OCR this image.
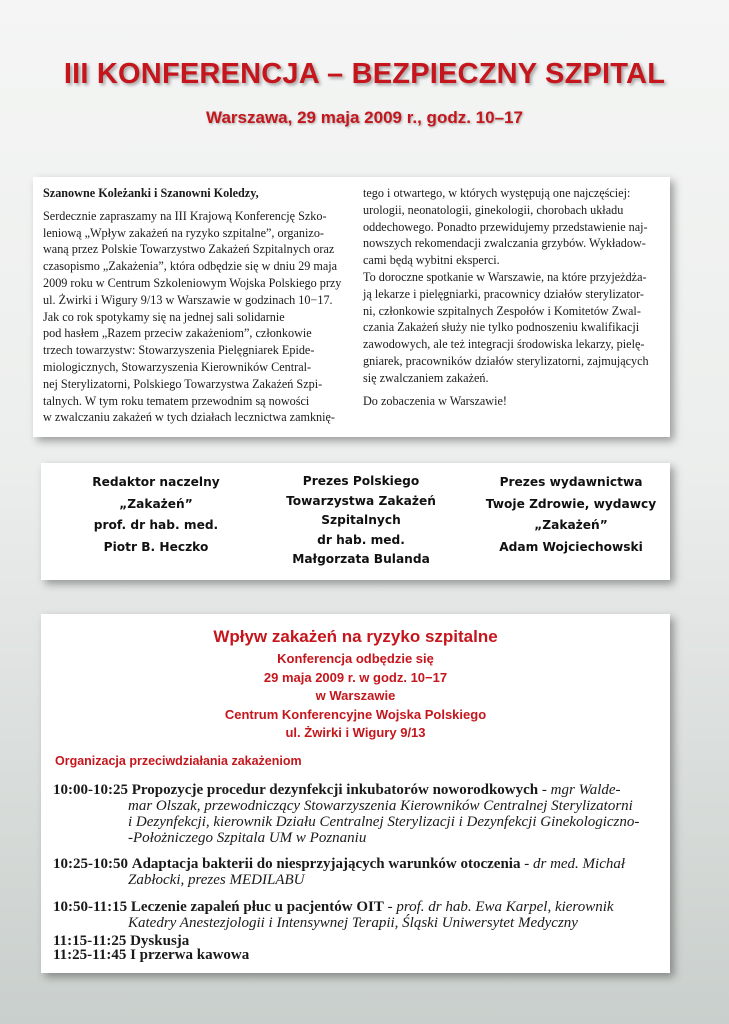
III KONFERENCJA – BEZPIECZNY SZPITAL
Warszawa, 29 maja 2009 r., godz. 10–17

Szanowne Koleżanki i Szanowni Koledzy,

Serdecznie zapraszamy na III Krajową Konferencję Szko-

leniową „Wpływ zakażeń na ryzyko szpitalne”, organizo-

waną przez Polskie Towarzystwo Zakażeń Szpitalnych oraz

czasopismo „Zakażenia”, która odbędzie się w dniu 29 maja

2009 roku w Centrum Szkoleniowym Wojska Polskiego przy

ul. Żwirki i Wigury 9/13 w Warszawie w godzinach 10−17.

Jak co rok spotykamy się na jednej sali solidarnie

pod hasłem „Razem przeciw zakażeniom”, członkowie

trzech towarzystw: Stowarzyszenia Pielęgniarek Epide-

miologicznych, Stowarzyszenia Kierowników Central-

nej Sterylizatorni, Polskiego Towarzystwa Zakażeń Szpi-

talnych. W tym roku tematem przewodnim są nowości

w zwalczaniu zakażeń w tych działach lecznictwa zamknię-

tego i otwartego, w których występują one najczęściej:

urologii, neonatologii, ginekologii, chorobach układu

oddechowego. Ponadto przewidujemy przedstawienie naj-

nowszych rekomendacji zwalczania grzybów. Wykładow-

cami będą wybitni eksperci.

To doroczne spotkanie w Warszawie, na które przyjeżdża-

ją lekarze i pielęgniarki, pracownicy działów sterylizator-

ni, członkowie szpitalnych Zespołów i Komitetów Zwal-

czania Zakażeń służy nie tylko podnoszeniu kwalifikacji

zawodowych, ale też integracji środowiska lekarzy, pielę-

gniarek, pracowników działów sterylizatorni, zajmujących

się zwalczaniem zakażeń.

Do zobaczenia w Warszawie!

Redaktor naczelny
„Zakażeń”
prof. dr hab. med.
Piotr B. Heczko
Prezes Polskiego
Towarzystwa Zakażeń
Szpitalnych
dr hab. med.
Małgorzata Bulanda
Prezes wydawnictwa
Twoje Zdrowie, wydawcy
„Zakażeń”
Adam Wojciechowski
Wpływ zakażeń na ryzyko szpitalne
Konferencja odbędzie się
29 maja 2009 r. w godz. 10−17
w Warszawie
Centrum Konferencyjne Wojska Polskiego
ul. Żwirki i Wigury 9/13
Organizacja przeciwdziałania zakażeniom
10:00-10:25 Propozycje procedur dezynfekcji inkubatorów noworodkowych - mgr Walde-
mar Olszak, przewodniczący Stowarzyszenia Kierowników Centralnej Sterylizatorni
i Dezynfekcji, kierownik Działu Centralnej Sterylizacji i Dezynfekcji Ginekologiczno-
-Położniczego Szpitala UM w Poznaniu
10:25-10:50 Adaptacja bakterii do niesprzyjających warunków otoczenia - dr med. Michał
Zabłocki, prezes MEDILABU
10:50-11:15 Leczenie zapaleń płuc u pacjentów OIT - prof. dr hab. Ewa Karpel, kierownik
Katedry Anestezjologii i Intensywnej Terapii, Śląski Uniwersytet Medyczny
11:15-11:25 Dyskusja
11:25-11:45 I przerwa kawowa
